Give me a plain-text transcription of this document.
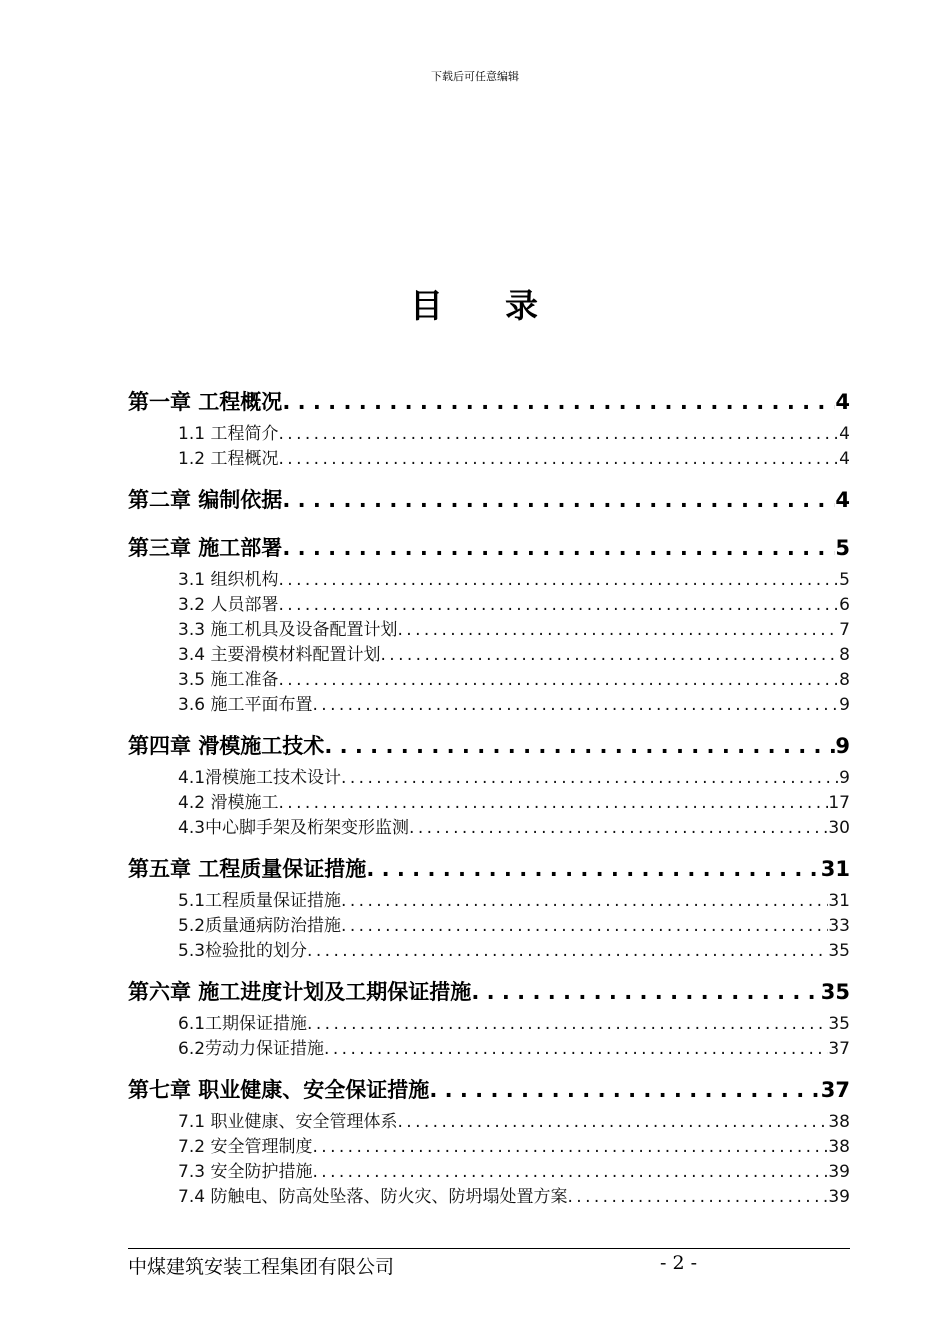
下载后可任意编辑
目 录
第一章 工程概况 . . .	4
1.1 工程简介 . . .	4
1.2 工程概况 . . .	4
第二章 编制依据 . . .	4
第三章 施工部署 . . .	5
3.1 组织机构 . . .	5
3.2 人员部署 . . .	6
3.3 施工机具及设备配置计划 . . .	7
3.4 主要滑模材料配置计划 . . .	8
3.5 施工准备 . . .	8
3.6 施工平面布置 . . .	9
第四章 滑模施工技术 . . .	9
4.1滑模施工技术设计 . . .	9
4.2 滑模施工 . . .	17
4.3中心脚手架及桁架变形监测 . . .	30
第五章 工程质量保证措施 . . .	31
5.1工程质量保证措施 . . .	31
5.2质量通病防治措施 . . .	33
5.3检验批的划分 . . .	35
第六章 施工进度计划及工期保证措施 . . .	35
6.1工期保证措施 . . .	35
6.2劳动力保证措施 . . .	37
第七章 职业健康、安全保证措施 . . .	37
7.1 职业健康、安全管理体系 . . .	38
7.2 安全管理制度 . . .	38
7.3 安全防护措施 . . .	39
7.4 防触电、防高处坠落、防火灾、防坍塌处置方案 . . .	39
中煤建筑安装工程集团有限公司	- 2 -
